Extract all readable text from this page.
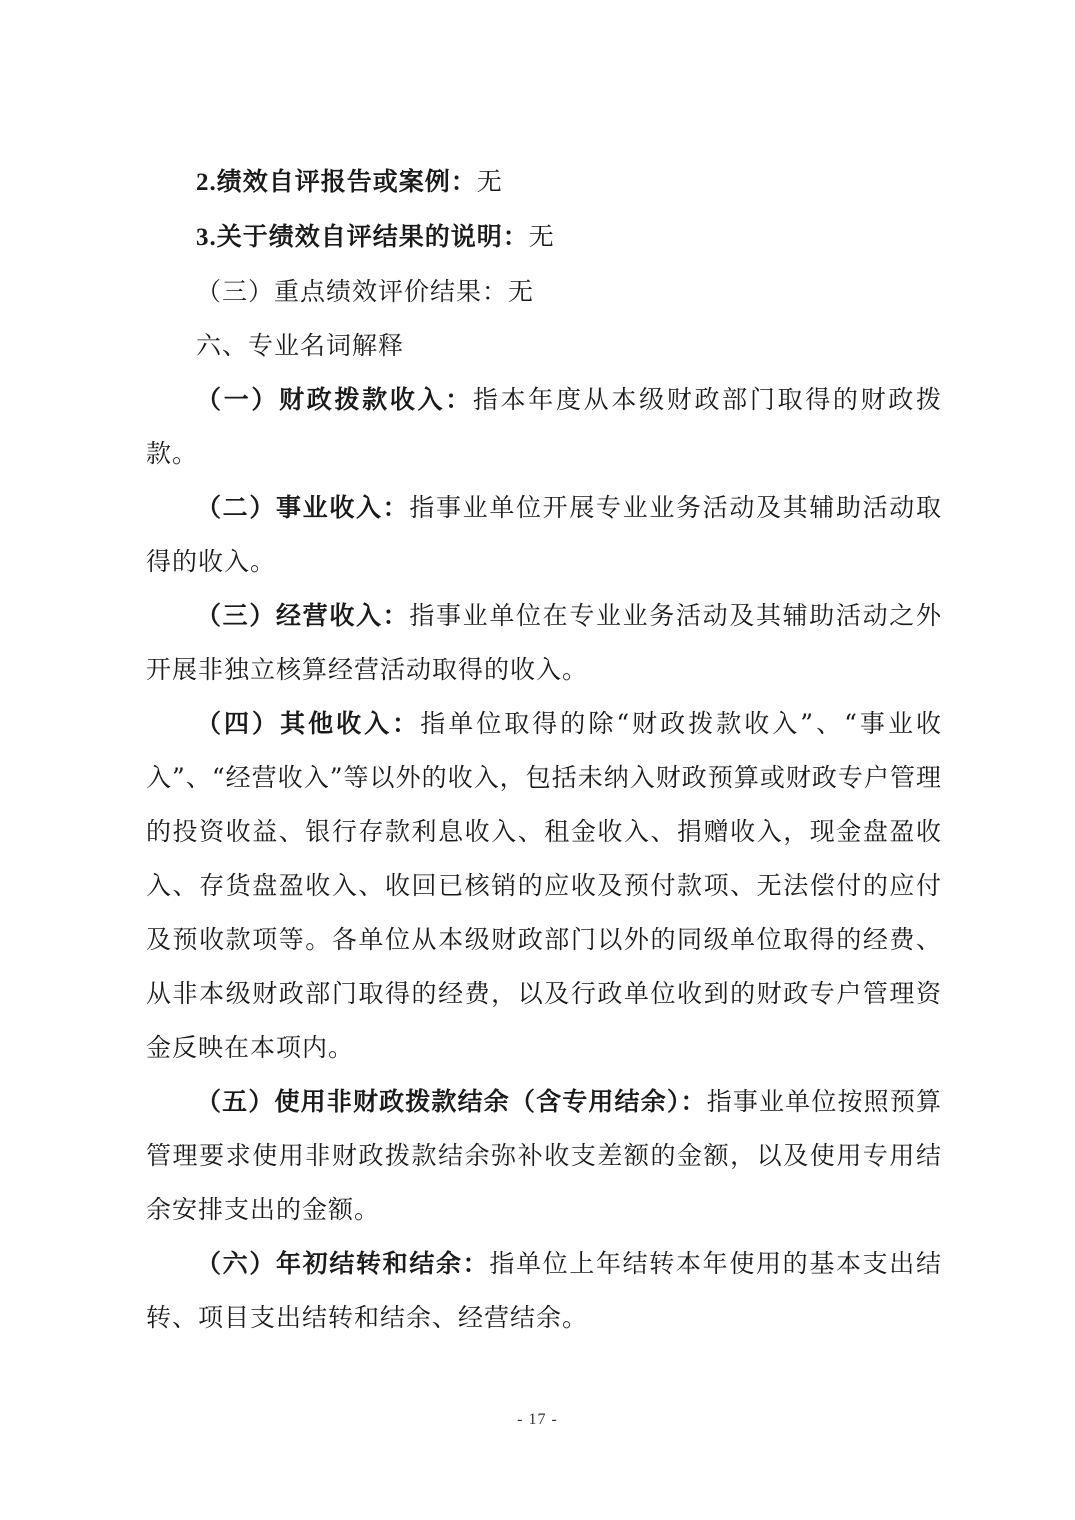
2.绩效自评报告或案例：无

3.关于绩效自评结果的说明：无

（三）重点绩效评价结果：无

六、专业名词解释

（一）财政拨款收入：指本年度从本级财政部门取得的财政拨款。

（二）事业收入：指事业单位开展专业业务活动及其辅助活动取得的收入。

（三）经营收入：指事业单位在专业业务活动及其辅助活动之外开展非独立核算经营活动取得的收入。

（四）其他收入：指单位取得的除“财政拨款收入”、“事业收入”、“经营收入”等以外的收入，包括未纳入财政预算或财政专户管理的投资收益、银行存款利息收入、租金收入、捐赠收入，现金盘盈收入、存货盘盈收入、收回已核销的应收及预付款项、无法偿付的应付及预收款项等。各单位从本级财政部门以外的同级单位取得的经费、从非本级财政部门取得的经费，以及行政单位收到的财政专户管理资金反映在本项内。

（五）使用非财政拨款结余（含专用结余）：指事业单位按照预算管理要求使用非财政拨款结余弥补收支差额的金额，以及使用专用结余安排支出的金额。

（六）年初结转和结余：指单位上年结转本年使用的基本支出结转、项目支出结转和结余、经营结余。

- 17 -
